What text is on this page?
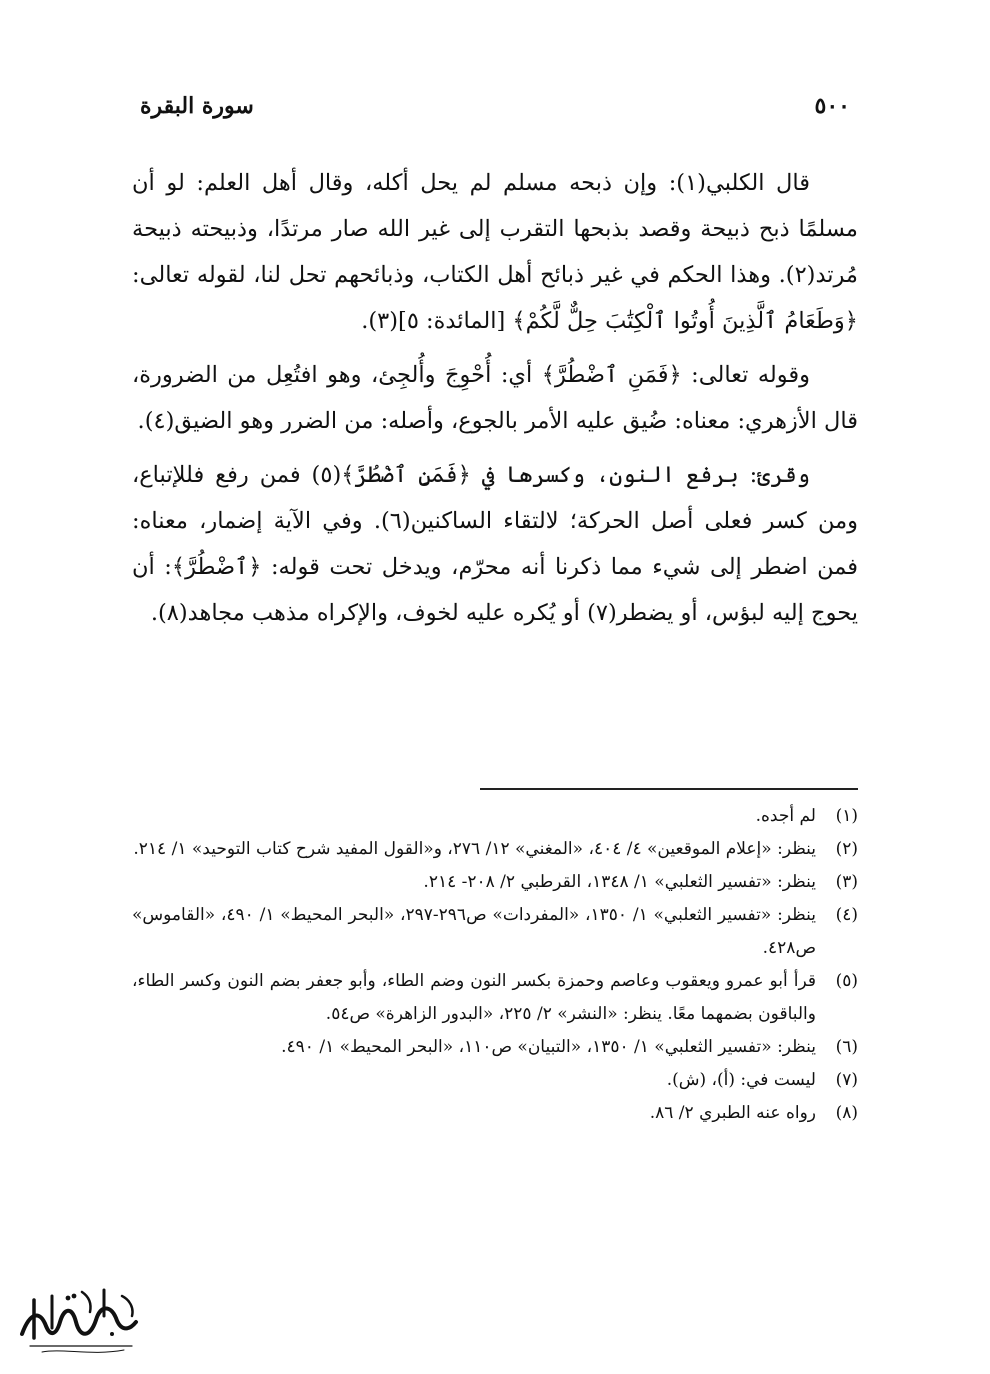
٥٠٠
سورة البقرة

قال الكلبي(١): وإن ذبحه مسلم لم يحل أكله، وقال أهل العلم: لو أن مسلمًا ذبح ذبيحة وقصد بذبحها التقرب إلى غير الله صار مرتدًا، وذبيحته ذبيحة مُرتد(٢). وهذا الحكم في غير ذبائح أهل الكتاب، وذبائحهم تحل لنا، لقوله تعالى: ﴿وَطَعَامُ ٱلَّذِينَ أُوتُوا ٱلْكِتَٰبَ حِلٌّ لَّكُمْ﴾ [المائدة: ٥](٣).

وقوله تعالى: ﴿فَمَنِ ٱضْطُرَّ﴾ أي: أُحْوِجَ وأُلجِئ، وهو افتُعِل من الضرورة، قال الأزهري: معناه: ضُيق عليه الأمر بالجوع، وأصله: من الضرر وهو الضيق(٤).

وقرئ: برفع النون، وكسرها في ﴿فَمَنِ ٱضْطُرَّ﴾(٥) فمن رفع فللإتباع، ومن كسر فعلى أصل الحركة؛ لالتقاء الساكنين(٦). وفي الآية إضمار، معناه: فمن اضطر إلى شيء مما ذكرنا أنه محرّم، ويدخل تحت قوله: ﴿ٱضْطُرَّ﴾: أن يحوج إليه لبؤس، أو يضطر(٧) أو يُكره عليه لخوف، والإكراه مذهب مجاهد(٨).

(١)
لم أجده.
(٢)
ينظر: «إعلام الموقعين» ٤/ ٤٠٤، «المغني» ١٢/ ٢٧٦، و«القول المفيد شرح كتاب التوحيد» ١/ ٢١٤.
(٣)
ينظر: «تفسير الثعلبي» ١/ ١٣٤٨، القرطبي ٢/ ٢٠٨- ٢١٤.
(٤)
ينظر: «تفسير الثعلبي» ١/ ١٣٥٠، «المفردات» ص٢٩٦-٢٩٧، «البحر المحيط» ١/ ٤٩٠، «القاموس» ص٤٢٨.
(٥)
قرأ أبو عمرو ويعقوب وعاصم وحمزة بكسر النون وضم الطاء، وأبو جعفر بضم النون وكسر الطاء، والباقون بضمهما معًا. ينظر: «النشر» ٢/ ٢٢٥، «البدور الزاهرة» ص٥٤.
(٦)
ينظر: «تفسير الثعلبي» ١/ ١٣٥٠، «التبيان» ص١١٠، «البحر المحيط» ١/ ٤٩٠.
(٧)
ليست في: (أ)، (ش).
(٨)
رواه عنه الطبري ٢/ ٨٦.
